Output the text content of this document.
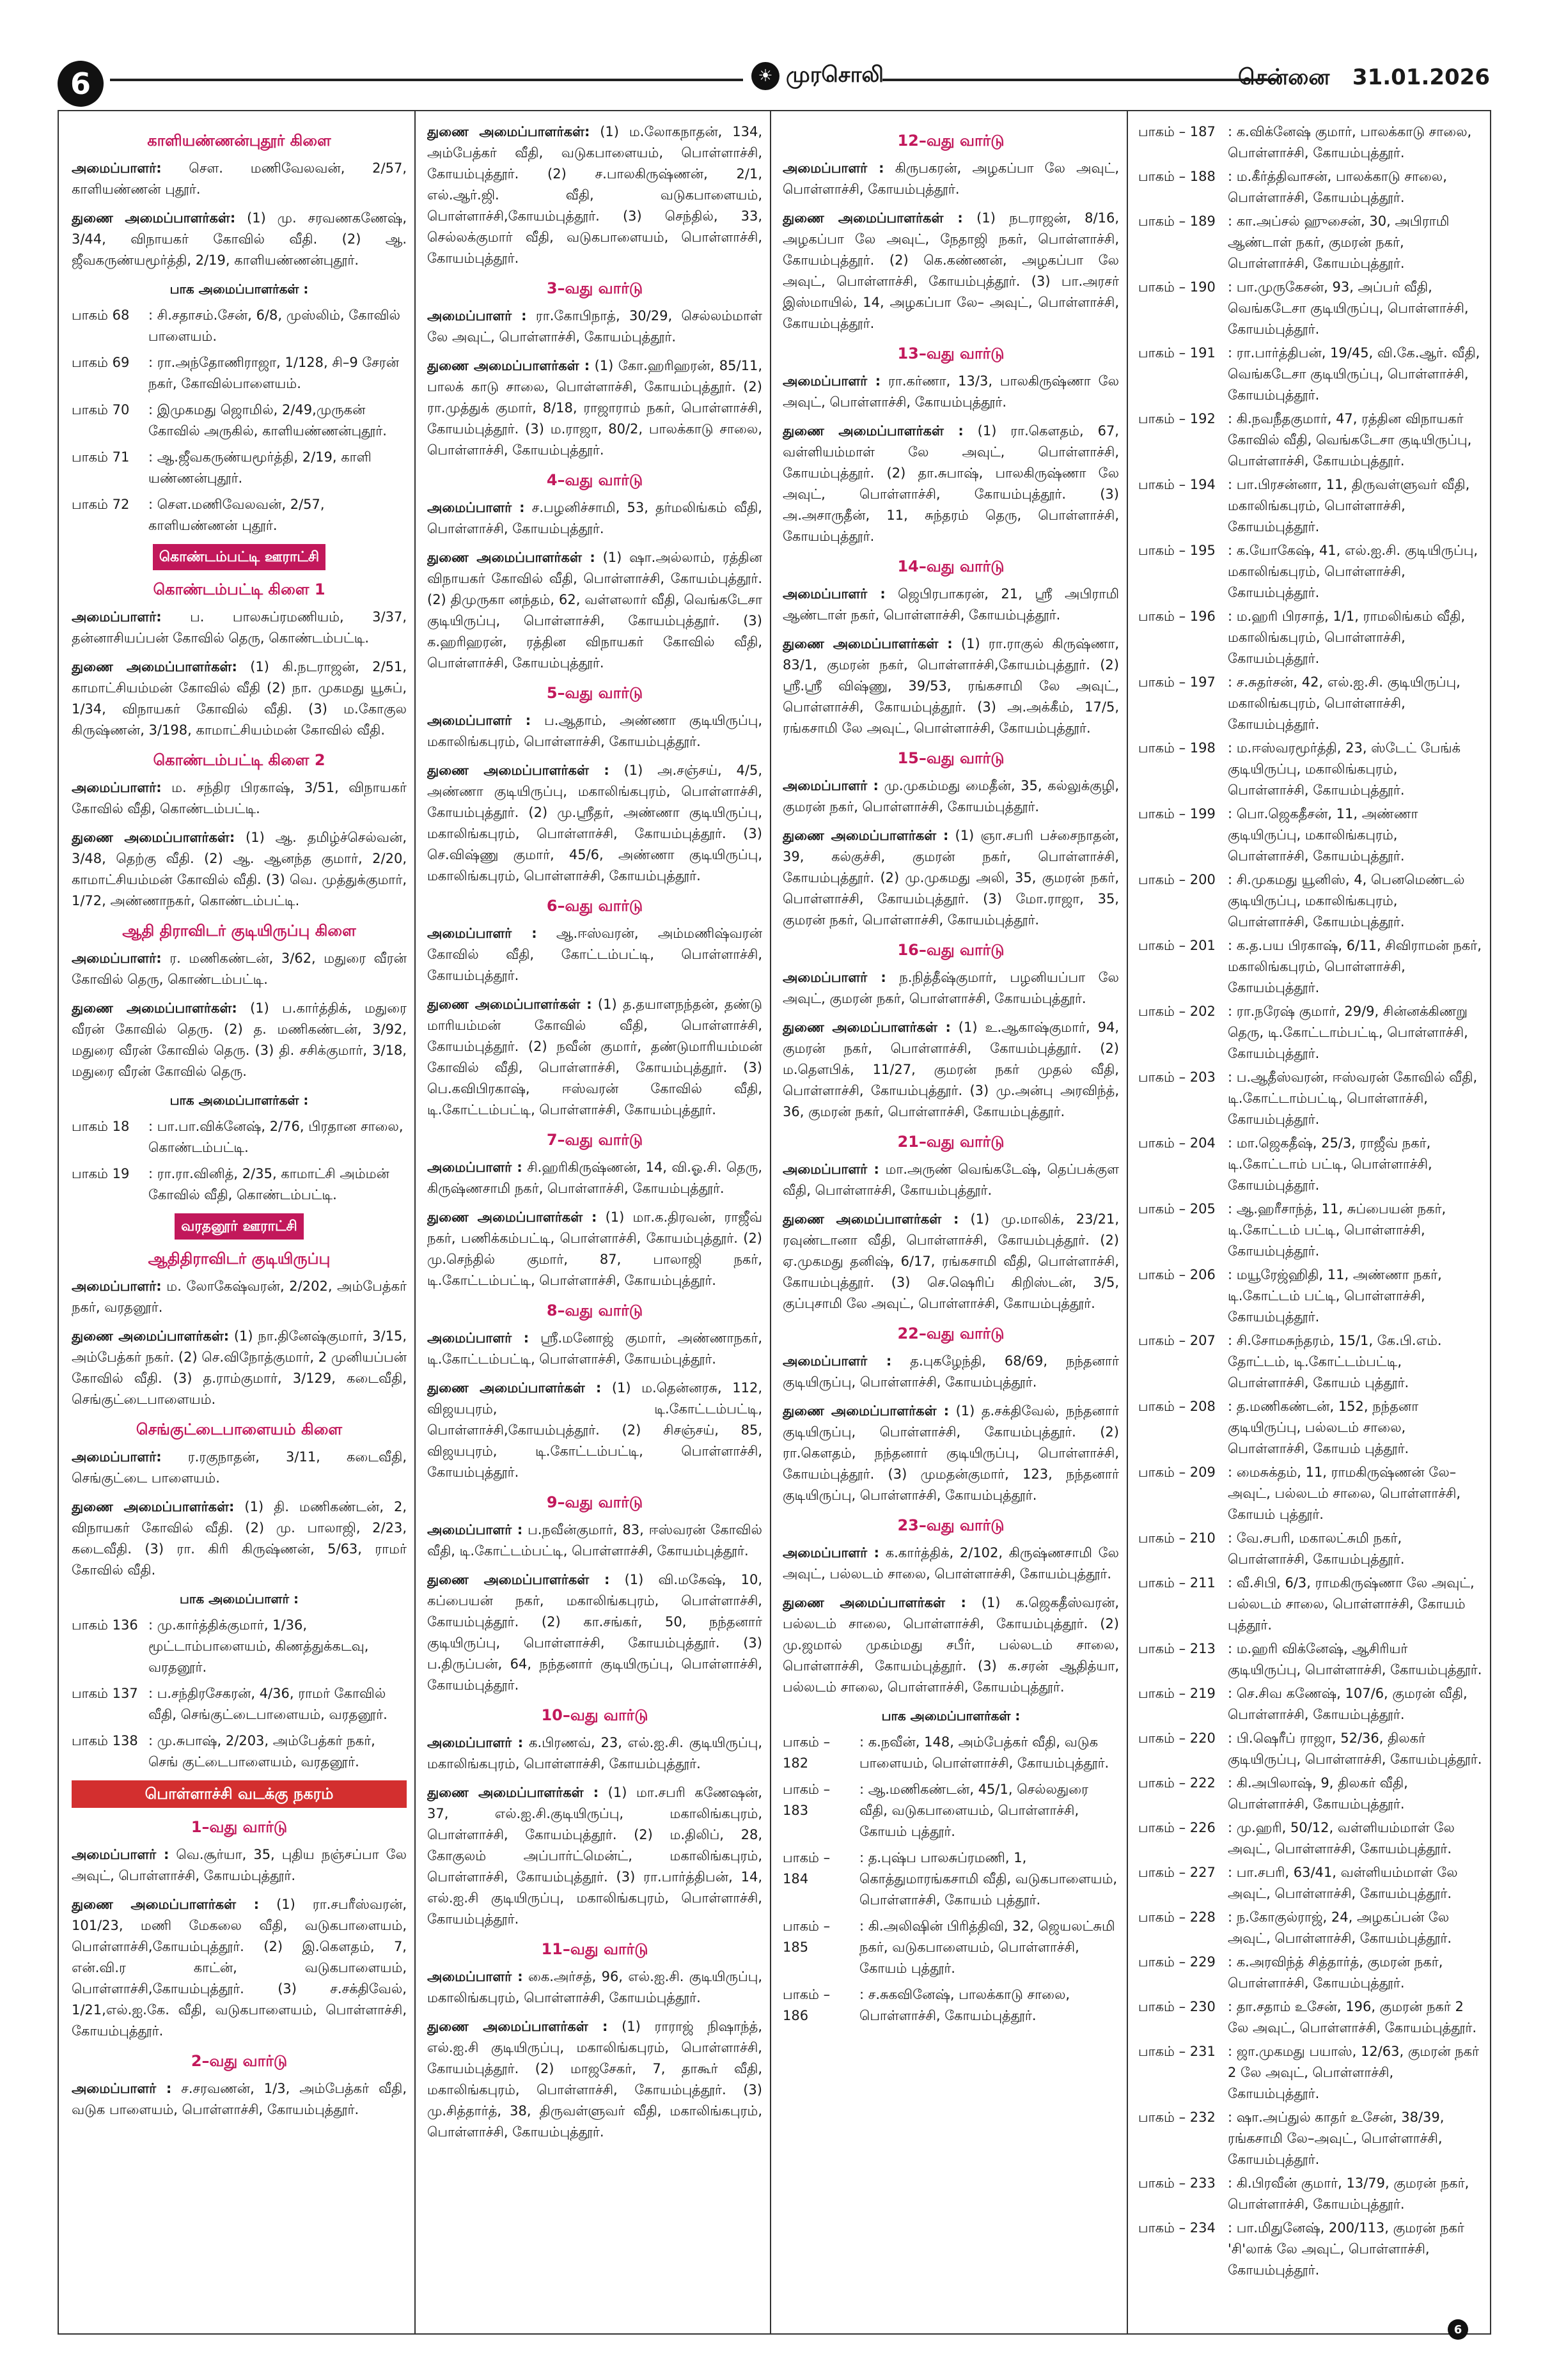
6	☀ முரசொலி	சென்னை 31.01.2026
காளியண்ணன்புதூர் கிளை
அமைப்பாளர்: சௌ. மணிவேலவன், 2/57, காளியண்ணன் புதூர்.
துணை அமைப்பாளர்கள்: (1) மு. சரவணகணேஷ், 3/44, விநாயகர் கோவில் வீதி. (2) ஆ. ஜீவகருண்யமூர்த்தி, 2/19, காளியண்ணன்புதூர்.
பாக அமைப்பாளர்கள் :
பாகம் 68	: சி.சதாசம்.சேன், 6/8, முஸ்லிம், கோவில் பாளையம்.
பாகம் 69	: ரா.அந்தோணிராஜா, 1/128, சி–9 சேரன் நகர், கோவில்பாளையம்.
பாகம் 70	: இமுகமது ஜொமில், 2/49,முருகன் கோவில் அருகில், காளியண்ணன்புதூர்.
பாகம் 71	: ஆ.ஜீவகருண்யமூர்த்தி, 2/19, காளி யண்ணன்புதூர்.
பாகம் 72	: சௌ.மணிவேலவன், 2/57, காளியண்ணன் புதூர்.
கொண்டம்பட்டி ஊராட்சி
கொண்டம்பட்டி கிளை 1
அமைப்பாளர்: ப. பாலசுப்ரமணியம், 3/37, தன்னாசியப்பன் கோவில் தெரு, கொண்டம்பட்டி.
துணை அமைப்பாளர்கள்: (1) கி.நடராஜன், 2/51, காமாட்சியம்மன் கோவில் வீதி (2) நா. முகமது யூசுப், 1/34, விநாயகர் கோவில் வீதி. (3) ம.கோகுல கிருஷ்ணன், 3/198, காமாட்சியம்மன் கோவில் வீதி.
கொண்டம்பட்டி கிளை 2
அமைப்பாளர்: ம. சந்திர பிரகாஷ், 3/51, விநாயகர் கோவில் வீதி, கொண்டம்பட்டி.
துணை அமைப்பாளர்கள்: (1) ஆ. தமிழ்ச்செல்வன், 3/48, தெற்கு வீதி. (2) ஆ. ஆனந்த குமார், 2/20, காமாட்சியம்மன் கோவில் வீதி. (3) வெ. முத்துக்குமார், 1/72, அண்ணாநகர், கொண்டம்பட்டி.
ஆதி திராவிடர் குடியிருப்பு கிளை
அமைப்பாளர்: ர. மணிகண்டன், 3/62, மதுரை வீரன் கோவில் தெரு, கொண்டம்பட்டி.
துணை அமைப்பாளர்கள்: (1) ப.கார்த்திக், மதுரை வீரன் கோவில் தெரு. (2) த. மணிகண்டன், 3/92, மதுரை வீரன் கோவில் தெரு. (3) தி. சசிக்குமார், 3/18, மதுரை வீரன் கோவில் தெரு.
பாக அமைப்பாளர்கள் :
பாகம் 18	: பா.பா.விக்னேஷ், 2/76, பிரதான சாலை, கொண்டம்பட்டி.
பாகம் 19	: ரா.ரா.வினித், 2/35, காமாட்சி அம்மன் கோவில் வீதி, கொண்டம்பட்டி.
வரதனூர் ஊராட்சி
ஆதிதிராவிடர் குடியிருப்பு
அமைப்பாளர்: ம. லோகேஷ்வரன், 2/202, அம்பேத்கர் நகர், வரதனூர்.
துணை அமைப்பாளர்கள்: (1) நா.தினேஷ்குமார், 3/15, அம்பேத்கர் நகர். (2) செ.விநோத்குமார், 2 முனியப்பன் கோவில் வீதி. (3) த.ராம்குமார், 3/129, கடைவீதி, செங்குட்டைபாளையம்.
செங்குட்டைபாளையம் கிளை
அமைப்பாளர்: ர.ரகுநாதன், 3/11, கடைவீதி, செங்குட்டை பாளையம்.
துணை அமைப்பாளர்கள்: (1) தி. மணிகண்டன், 2, விநாயகர் கோவில் வீதி. (2) மு. பாலாஜி, 2/23, கடைவீதி. (3) ரா. கிரி கிருஷ்ணன், 5/63, ராமர் கோவில் வீதி.
பாக அமைப்பாளர் :
பாகம் 136 : மு.கார்த்திக்குமார், 1/36, மூட்டாம்பாளையம், கிணத்துக்கடவு, வரதனூர்.
பாகம் 137 : ப.சந்திரசேகரன், 4/36, ராமர் கோவில் வீதி, செங்குட்டைபாளையம், வரதனூர்.
பாகம் 138 : மு.சுபாஷ், 2/203, அம்பேத்கர் நகர், செங் குட்டைபாளையம், வரதனூர்.
பொள்ளாச்சி வடக்கு நகரம்
1–வது வார்டு
அமைப்பாளர் : வெ.சூர்யா, 35, புதிய நஞ்சப்பா லே அவுட், பொள்ளாச்சி, கோயம்புத்தூர்.
துணை அமைப்பாளர்கள் : (1) ரா.சபரீஸ்வரன், 101/23, மணி மேகலை வீதி, வடுகபாளையம், பொள்ளாச்சி,கோயம்புத்தூர். (2) இ.கௌதம், 7, என்.வி.ர காட்ன், வடுகபாளையம், பொள்ளாச்சி,கோயம்புத்தூர். (3) ச.சக்திவேல், 1/21,எல்.ஐ.கே. வீதி, வடுகபாளையம், பொள்ளாச்சி, கோயம்புத்தூர்.
2–வது வார்டு
அமைப்பாளர் : ச.சரவணன், 1/3, அம்பேத்கர் வீதி, வடுக பாளையம், பொள்ளாச்சி, கோயம்புத்தூர்.
துணை அமைப்பாளர்கள்: (1) ம.லோகநாதன், 134, அம்பேத்கர் வீதி, வடுகபாளையம், பொள்ளாச்சி, கோயம்புத்தூர். (2) ச.பாலகிருஷ்ணன், 2/1, எல்.ஆர்.ஜி. வீதி, வடுகபாளையம், பொள்ளாச்சி,கோயம்புத்தூர். (3) செந்தில், 33, செல்லக்குமார் வீதி, வடுகபாளையம், பொள்ளாச்சி, கோயம்புத்தூர்.
3–வது வார்டு
அமைப்பாளர் : ரா.கோபிநாத், 30/29, செல்லம்மாள் லே அவுட், பொள்ளாச்சி, கோயம்புத்தூர்.
துணை அமைப்பாளர்கள் : (1) கோ.ஹரிஹரன், 85/11, பாலக் காடு சாலை, பொள்ளாச்சி, கோயம்புத்தூர். (2) ரா.முத்துக் குமார், 8/18, ராஜாராம் நகர், பொள்ளாச்சி, கோயம்புத்தூர். (3) ம.ராஜா, 80/2, பாலக்காடு சாலை, பொள்ளாச்சி, கோயம்புத்தூர்.
4–வது வார்டு
அமைப்பாளர் : ச.பழனிச்சாமி, 53, தர்மலிங்கம் வீதி, பொள்ளாச்சி, கோயம்புத்தூர்.
துணை அமைப்பாளர்கள் : (1) ஷா.அல்லாம், ரத்தின விநாயகர் கோவில் வீதி, பொள்ளாச்சி, கோயம்புத்தூர். (2) திமுருகா னந்தம், 62, வள்ளலார் வீதி, வெங்கடேசா குடியிருப்பு, பொள்ளாச்சி, கோயம்புத்தூர். (3) க.ஹரிஹரன், ரத்தின விநாயகர் கோவில் வீதி, பொள்ளாச்சி, கோயம்புத்தூர்.
5–வது வார்டு
அமைப்பாளர் : ப.ஆதாம், அண்ணா குடியிருப்பு, மகாலிங்கபுரம், பொள்ளாச்சி, கோயம்புத்தூர்.
துணை அமைப்பாளர்கள் : (1) அ.சஞ்சய், 4/5, அண்ணா குடியிருப்பு, மகாலிங்கபுரம், பொள்ளாச்சி, கோயம்புத்தூர். (2) மு.ஸ்ரீதர், அண்ணா குடியிருப்பு, மகாலிங்கபுரம், பொள்ளாச்சி, கோயம்புத்தூர். (3) செ.விஷ்ணு குமார், 45/6, அண்ணா குடியிருப்பு, மகாலிங்கபுரம், பொள்ளாச்சி, கோயம்புத்தூர்.
6–வது வார்டு
அமைப்பாளர் : ஆ.ஈஸ்வரன், அம்மணிஷ்வரன் கோவில் வீதி, கோட்டம்பட்டி, பொள்ளாச்சி, கோயம்புத்தூர்.
துணை அமைப்பாளர்கள் : (1) த.தயாளநந்தன், தண்டு மாரியம்மன் கோவில் வீதி, பொள்ளாச்சி, கோயம்புத்தூர். (2) நவீன் குமார், தண்டுமாரியம்மன் கோவில் வீதி, பொள்ளாச்சி, கோயம்புத்தூர். (3) பெ.கவிபிரகாஷ், ஈஸ்வரன் கோவில் வீதி, டி.கோட்டம்பட்டி, பொள்ளாச்சி, கோயம்புத்தூர்.
7–வது வார்டு
அமைப்பாளர் : சி.ஹரிகிருஷ்ணன், 14, வி.ஓ.சி. தெரு, கிருஷ்ணசாமி நகர், பொள்ளாச்சி, கோயம்புத்தூர்.
துணை அமைப்பாளர்கள் : (1) மா.க.திரவன், ராஜீவ் நகர், பணிக்கம்பட்டி, பொள்ளாச்சி, கோயம்புத்தூர். (2) மு.செந்தில் குமார், 87, பாலாஜி நகர், டி.கோட்டம்பட்டி, பொள்ளாச்சி, கோயம்புத்தூர்.
8–வது வார்டு
அமைப்பாளர் : ஸ்ரீ.மனோஜ் குமார், அண்ணாநகர், டி.கோட்டம்பட்டி, பொள்ளாச்சி, கோயம்புத்தூர்.
துணை அமைப்பாளர்கள் : (1) ம.தென்னரசு, 112, விஜயபுரம், டி.கோட்டம்பட்டி, பொள்ளாச்சி,கோயம்புத்தூர். (2) சிசஞ்சய், 85, விஜயபுரம், டி.கோட்டம்பட்டி, பொள்ளாச்சி, கோயம்புத்தூர்.
9–வது வார்டு
அமைப்பாளர் : ப.நவீன்குமார், 83, ஈஸ்வரன் கோவில் வீதி, டி.கோட்டம்பட்டி, பொள்ளாச்சி, கோயம்புத்தூர்.
துணை அமைப்பாளர்கள் : (1) வி.மகேஷ், 10, கப்பையன் நகர், மகாலிங்கபுரம், பொள்ளாச்சி, கோயம்புத்தூர். (2) கா.சங்கர், 50, நந்தனார் குடியிருப்பு, பொள்ளாச்சி, கோயம்புத்தூர். (3) ப.திருப்பன், 64, நந்தனார் குடியிருப்பு, பொள்ளாச்சி, கோயம்புத்தூர்.
10–வது வார்டு
அமைப்பாளர் : க.பிரணவ், 23, எல்.ஐ.சி. குடியிருப்பு, மகாலிங்கபுரம், பொள்ளாச்சி, கோயம்புத்தூர்.
துணை அமைப்பாளர்கள் : (1) மா.சபரி கணேஷன், 37, எல்.ஐ.சி.குடியிருப்பு, மகாலிங்கபுரம், பொள்ளாச்சி, கோயம்புத்தூர். (2) ம.திலிப், 28, கோகுலம் அப்பார்ட்மென்ட், மகாலிங்கபுரம், பொள்ளாச்சி, கோயம்புத்தூர். (3) ரா.பார்த்திபன், 14, எல்.ஐ.சி குடியிருப்பு, மகாலிங்கபுரம், பொள்ளாச்சி, கோயம்புத்தூர்.
11–வது வார்டு
அமைப்பாளர் : கை.அர்சத், 96, எல்.ஐ.சி. குடியிருப்பு, மகாலிங்கபுரம், பொள்ளாச்சி, கோயம்புத்தூர்.
துணை அமைப்பாளர்கள் : (1) ராராஜ் நிஷாந்த், எல்.ஐ.சி குடியிருப்பு, மகாலிங்கபுரம், பொள்ளாச்சி, கோயம்புத்தூர். (2) மாஜசேகர், 7, தாகூர் வீதி, மகாலிங்கபுரம், பொள்ளாச்சி, கோயம்புத்தூர். (3) மு.சித்தார்த், 38, திருவள்ளுவர் வீதி, மகாலிங்கபுரம், பொள்ளாச்சி, கோயம்புத்தூர்.
12–வது வார்டு
அமைப்பாளர் : கிருபகரன், அழகப்பா லே அவுட், பொள்ளாச்சி, கோயம்புத்தூர்.
துணை அமைப்பாளர்கள் : (1) நடராஜன், 8/16, அழகப்பா லே அவுட், நேதாஜி நகர், பொள்ளாச்சி, கோயம்புத்தூர். (2) கெ.கண்ணன், அழகப்பா லே அவுட், பொள்ளாச்சி, கோயம்புத்தூர். (3) பா.அரசர் இஸ்மாயில், 14, அழகப்பா லே– அவுட், பொள்ளாச்சி, கோயம்புத்தூர்.
13–வது வார்டு
அமைப்பாளர் : ரா.கர்ணா, 13/3, பாலகிருஷ்ணா லே அவுட், பொள்ளாச்சி, கோயம்புத்தூர்.
துணை அமைப்பாளர்கள் : (1) ரா.கௌதம், 67, வள்ளியம்மாள் லே அவுட், பொள்ளாச்சி, கோயம்புத்தூர். (2) தா.சுபாஷ், பாலகிருஷ்ணா லே அவுட், பொள்ளாச்சி, கோயம்புத்தூர். (3) அ.அசாருதீன், 11, சுந்தரம் தெரு, பொள்ளாச்சி, கோயம்புத்தூர்.
14–வது வார்டு
அமைப்பாளர் : ஜெபிரபாகரன், 21, ஸ்ரீ அபிராமி ஆண்டாள் நகர், பொள்ளாச்சி, கோயம்புத்தூர்.
துணை அமைப்பாளர்கள் : (1) ரா.ராகுல் கிருஷ்ணா, 83/1, குமரன் நகர், பொள்ளாச்சி,கோயம்புத்தூர். (2) ஸ்ரீ.ஸ்ரீ விஷ்ணு, 39/53, ரங்கசாமி லே அவுட், பொள்ளாச்சி, கோயம்புத்தூர். (3) அ.அக்கீம், 17/5, ரங்கசாமி லே அவுட், பொள்ளாச்சி, கோயம்புத்தூர்.
15–வது வார்டு
அமைப்பாளர் : மு.முகம்மது மைதீன், 35, கல்லுக்குழி, குமரன் நகர், பொள்ளாச்சி, கோயம்புத்தூர்.
துணை அமைப்பாளர்கள் : (1) ஞா.சபரி பச்சைநாதன், 39, கல்குச்சி, குமரன் நகர், பொள்ளாச்சி, கோயம்புத்தூர். (2) மு.முகமது அலி, 35, குமரன் நகர், பொள்ளாச்சி, கோயம்புத்தூர். (3) மோ.ராஜா, 35, குமரன் நகர், பொள்ளாச்சி, கோயம்புத்தூர்.
16–வது வார்டு
அமைப்பாளர் : ந.நித்தீஷ்குமார், பழனியப்பா லே அவுட், குமரன் நகர், பொள்ளாச்சி, கோயம்புத்தூர்.
துணை அமைப்பாளர்கள் : (1) உ.ஆகாஷ்குமார், 94, குமரன் நகர், பொள்ளாச்சி, கோயம்புத்தூர். (2) ம.தௌபிக், 11/27, குமரன் நகர் முதல் வீதி, பொள்ளாச்சி, கோயம்புத்தூர். (3) மு.அன்பு அரவிந்த், 36, குமரன் நகர், பொள்ளாச்சி, கோயம்புத்தூர்.
21–வது வார்டு
அமைப்பாளர் : மா.அருண் வெங்கடேஷ், தெப்பக்குள வீதி, பொள்ளாச்சி, கோயம்புத்தூர்.
துணை அமைப்பாளர்கள் : (1) மு.மாலிக், 23/21, ரவுண்டானா வீதி, பொள்ளாச்சி, கோயம்புத்தூர். (2) ஏ.முகமது தனிஷ், 6/17, ரங்கசாமி வீதி, பொள்ளாச்சி, கோயம்புத்தூர். (3) செ.ஷெரிப் கிறிஸ்டன், 3/5, குப்புசாமி லே அவுட், பொள்ளாச்சி, கோயம்புத்தூர்.
22–வது வார்டு
அமைப்பாளர் : த.புகழேந்தி, 68/69, நந்தனார் குடியிருப்பு, பொள்ளாச்சி, கோயம்புத்தூர்.
துணை அமைப்பாளர்கள் : (1) த.சக்திவேல், நந்தனார் குடியிருப்பு, பொள்ளாச்சி, கோயம்புத்தூர். (2) ரா.கௌதம், நந்தனார் குடியிருப்பு, பொள்ளாச்சி, கோயம்புத்தூர். (3) முமதன்குமார், 123, நந்தனார் குடியிருப்பு, பொள்ளாச்சி, கோயம்புத்தூர்.
23–வது வார்டு
அமைப்பாளர் : க.கார்த்திக், 2/102, கிருஷ்ணசாமி லே அவுட், பல்லடம் சாலை, பொள்ளாச்சி, கோயம்புத்தூர்.
துணை அமைப்பாளர்கள் : (1) க.ஜெகதீஸ்வரன், பல்லடம் சாலை, பொள்ளாச்சி, கோயம்புத்தூர். (2) மு.ஜமால் முகம்மது சபீர், பல்லடம் சாலை, பொள்ளாச்சி, கோயம்புத்தூர். (3) க.சரன் ஆதித்யா, பல்லடம் சாலை, பொள்ளாச்சி, கோயம்புத்தூர்.
பாக அமைப்பாளர்கள் :
பாகம் – 182
: க.நவீன், 148, அம்பேத்கர் வீதி, வடுக பாளையம், பொள்ளாச்சி, கோயம்புத்தூர்.
பாகம் – 183
: ஆ.மணிகண்டன், 45/1, செல்லதுரை வீதி, வடுகபாளையம், பொள்ளாச்சி, கோயம் புத்தூர்.
பாகம் – 184
: த.புஷ்ப பாலசுப்ரமணி, 1, கொத்துமாரங்கசாமி வீதி, வடுகபாளையம், பொள்ளாச்சி, கோயம் புத்தூர்.
பாகம் – 185
: கி.அலிஷின் பிரித்திவி, 32, ஜெயலட்சுமி நகர், வடுகபாளையம், பொள்ளாச்சி, கோயம் புத்தூர்.
பாகம் – 186
: ச.சுகவினேஷ், பாலக்காடு சாலை, பொள்ளாச்சி, கோயம்புத்தூர்.
பாகம் – 187 : க.விக்னேஷ் குமார், பாலக்காடு சாலை, பொள்ளாச்சி, கோயம்புத்தூர்.
பாகம் – 188 : ம.கீர்த்திவாசன், பாலக்காடு சாலை, பொள்ளாச்சி, கோயம்புத்தூர்.
பாகம் – 189 : கா.அப்சல் ஹுசைன், 30, அபிராமி ஆண்டாள் நகர், குமரன் நகர், பொள்ளாச்சி, கோயம்புத்தூர்.
பாகம் – 190 : பா.முருகேசன், 93, அப்பர் வீதி, வெங்கடேசா குடியிருப்பு, பொள்ளாச்சி, கோயம்புத்தூர்.
பாகம் – 191 : ரா.பார்த்திபன், 19/45, வி.கே.ஆர். வீதி, வெங்கடேசா குடியிருப்பு, பொள்ளாச்சி, கோயம்புத்தூர்.
பாகம் – 192 : கி.நவநீதகுமார், 47, ரத்தின விநாயகர் கோவில் வீதி, வெங்கடேசா குடியிருப்பு, பொள்ளாச்சி, கோயம்புத்தூர்.
பாகம் – 194 : பா.பிரசன்னா, 11, திருவள்ளுவர் வீதி, மகாலிங்கபுரம், பொள்ளாச்சி, கோயம்புத்தூர்.
பாகம் – 195 : க.யோகேஷ், 41, எல்.ஐ.சி. குடியிருப்பு, மகாலிங்கபுரம், பொள்ளாச்சி, கோயம்புத்தூர்.
பாகம் – 196 : ம.ஹரி பிரசாத், 1/1, ராமலிங்கம் வீதி, மகாலிங்கபுரம், பொள்ளாச்சி, கோயம்புத்தூர்.
பாகம் – 197 : ச.சுதர்சன், 42, எல்.ஐ.சி. குடியிருப்பு, மகாலிங்கபுரம், பொள்ளாச்சி, கோயம்புத்தூர்.
பாகம் – 198 : ம.ஈஸ்வரமூர்த்தி, 23, ஸ்டேட் பேங்க் குடியிருப்பு, மகாலிங்கபுரம், பொள்ளாச்சி, கோயம்புத்தூர்.
பாகம் – 199 : பொ.ஜெகதீசன், 11, அண்ணா குடியிருப்பு, மகாலிங்கபுரம், பொள்ளாச்சி, கோயம்புத்தூர்.
பாகம் – 200 : சி.முகமது யூனிஸ், 4, பெனமெண்டல் குடியிருப்பு, மகாலிங்கபுரம், பொள்ளாச்சி, கோயம்புத்தூர்.
பாகம் – 201 : க.த.பய பிரகாஷ், 6/11, சிவிராமன் நகர், மகாலிங்கபுரம், பொள்ளாச்சி, கோயம்புத்தூர்.
பாகம் – 202 : ரா.நரேஷ் குமார், 29/9, சின்னக்கிணறு தெரு, டி.கோட்டாம்பட்டி, பொள்ளாச்சி, கோயம்புத்தூர்.
பாகம் – 203 : ப.ஆதீஸ்வரன், ஈஸ்வரன் கோவில் வீதி, டி.கோட்டாம்பட்டி, பொள்ளாச்சி, கோயம்புத்தூர்.
பாகம் – 204 : மா.ஜெகதீஷ், 25/3, ராஜீவ் நகர், டி.கோட்டாம் பட்டி, பொள்ளாச்சி, கோயம்புத்தூர்.
பாகம் – 205 : ஆ.ஹரீசாந்த், 11, சுப்பையன் நகர், டி.கோட்டம் பட்டி, பொள்ளாச்சி, கோயம்புத்தூர்.
பாகம் – 206 : மயூரேஜ்ஹிதி, 11, அண்ணா நகர், டி.கோட்டம் பட்டி, பொள்ளாச்சி, கோயம்புத்தூர்.
பாகம் – 207 : சி.சோமசுந்தரம், 15/1, கே.பி.எம். தோட்டம், டி.கோட்டம்பட்டி, பொள்ளாச்சி, கோயம் புத்தூர்.
பாகம் – 208 : த.மணிகண்டன், 152, நந்தனா குடியிருப்பு, பல்லடம் சாலை, பொள்ளாச்சி, கோயம் புத்தூர்.
பாகம் – 209 : மைசுக்தம், 11, ராமகிருஷ்ணன் லே–அவுட், பல்லடம் சாலை, பொள்ளாச்சி, கோயம் புத்தூர்.
பாகம் – 210 : வே.சபரி, மகாலட்சுமி நகர், பொள்ளாச்சி, கோயம்புத்தூர்.
பாகம் – 211 : வீ.சிபி, 6/3, ராமகிருஷ்ணா லே அவுட், பல்லடம் சாலை, பொள்ளாச்சி, கோயம் புத்தூர்.
பாகம் – 213 : ம.ஹரி விக்னேஷ், ஆசிரியர் குடியிருப்பு, பொள்ளாச்சி, கோயம்புத்தூர்.
பாகம் – 219 : செ.சிவ கணேஷ், 107/6, குமரன் வீதி, பொள்ளாச்சி, கோயம்புத்தூர்.
பாகம் – 220 : பி.ஷெரீப் ராஜா, 52/36, திலகர் குடியிருப்பு, பொள்ளாச்சி, கோயம்புத்தூர்.
பாகம் – 222 : கி.அபிலாஷ், 9, திலகர் வீதி, பொள்ளாச்சி, கோயம்புத்தூர்.
பாகம் – 226 : மு.ஹரி, 50/12, வள்ளியம்மாள் லே அவுட், பொள்ளாச்சி, கோயம்புத்தூர்.
பாகம் – 227 : பா.சபரி, 63/41, வள்ளியம்மாள் லே அவுட், பொள்ளாச்சி, கோயம்புத்தூர்.
பாகம் – 228 : ந.கோகுல்ராஜ், 24, அழகப்பன் லே அவுட், பொள்ளாச்சி, கோயம்புத்தூர்.
பாகம் – 229 : க.அரவிந்த் சித்தார்த், குமரன் நகர், பொள்ளாச்சி, கோயம்புத்தூர்.
பாகம் – 230 : தா.சதாம் உசேன், 196, குமரன் நகர் 2 லே அவுட், பொள்ளாச்சி, கோயம்புத்தூர்.
பாகம் – 231 : ஜா.முகமது பயாஸ், 12/63, குமரன் நகர் 2 லே அவுட், பொள்ளாச்சி, கோயம்புத்தூர்.
பாகம் – 232 : ஷா.அப்துல் காதர் உசேன், 38/39, ரங்கசாமி லே–அவுட், பொள்ளாச்சி, கோயம்புத்தூர்.
பாகம் – 233 : கி.பிரவீன் குமார், 13/79, குமரன் நகர், பொள்ளாச்சி, கோயம்புத்தூர்.
பாகம் – 234 : பா.மிதுனேஷ், 200/113, குமரன் நகர் 'சி'லாக் லே அவுட், பொள்ளாச்சி, கோயம்புத்தூர்.
6
